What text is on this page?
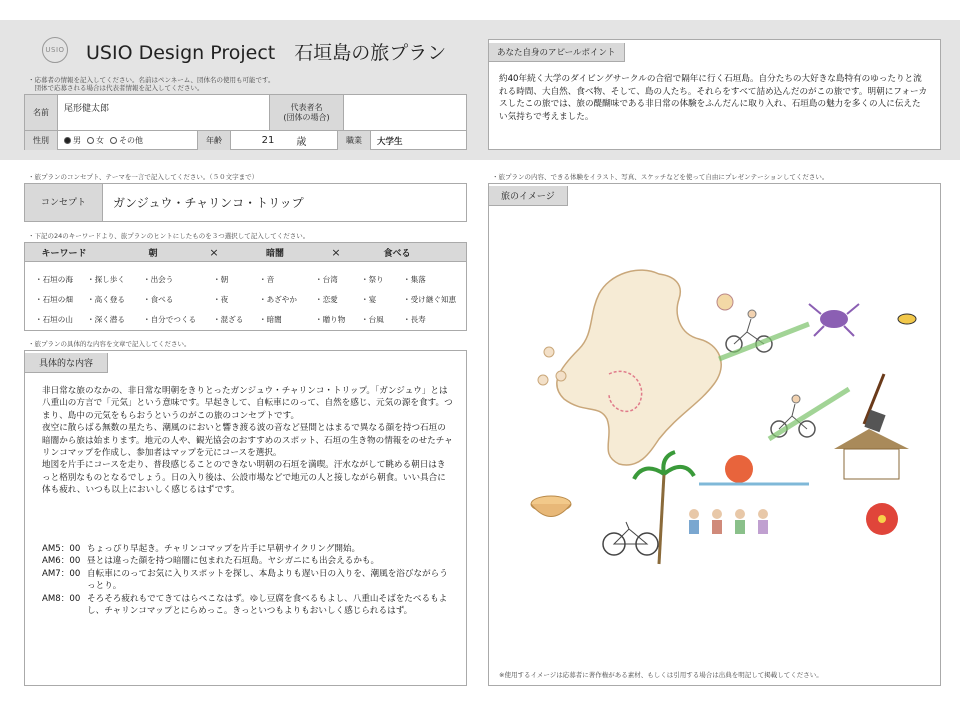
USIO USIO Design Project　石垣島の旅プラン
・応募者の情報を記入してください。名前はペンネーム、団体名の使用も可能です。
　団体で応募される場合は代表者情報を記入してください。
名前	尾形健太郎	代表者名
(団体の場合)
性別	男	女	その他	年齢	21 歳	職業	大学生
あなた自身のアピールポイント
約40年続く大学のダイビングサークルの合宿で隔年に行く石垣島。自分たちの大好きな島特有のゆったりと流れる時間、大自然、食べ物、そして、島の人たち。それらをすべて詰め込んだのがこの旅です。明朝にフォーカスしたこの旅では、旅の醍醐味である非日常の体験をふんだんに取り入れ、石垣島の魅力を多くの人に伝えたい気持ちで考えました。
・旅プランのコンセプト、テーマを一言で記入してください。（５０文字まで）
コンセプト	ガンジュウ・チャリンコ・トリップ
・下記の24のキーワードより、旅プランのヒントにしたものを３つ選択して記入してください。
キーワード	朝	×	暗闇	×	食べる
・石垣の海	・探し歩く	・出会う	・朝	・音	・台湾	・祭り	・集落
・石垣の畑	・高く登る	・食べる	・夜	・あざやか	・恋愛	・宴	・受け継ぐ知恵
・石垣の山	・深く潜る	・自分でつくる	・混ざる	・暗闇	・贈り物	・台風	・長寿
・旅プランの具体的な内容を文章で記入してください。
具体的な内容
非日常な旅のなかの、非日常な明朝をきりとったガンジュウ・チャリンコ・トリップ。「ガンジュウ」とは八重山の方言で「元気」という意味です。早起きして、自転車にのって、自然を感じ、元気の源を食す。つまり、島中の元気をもらおうというのがこの旅のコンセプトです。
夜空に散らばる無数の星たち、潮風のにおいと響き渡る波の音など昼間とはまるで異なる顔を持つ石垣の暗闇から旅は始まります。地元の人や、観光協会のおすすめのスポット、石垣の生き物の情報をのせたチャリンコマップを作成し、参加者はマップを元にコースを選択。
地図を片手にコースを走り、普段感じることのできない明朝の石垣を満喫。汗水ながして眺める朝日はきっと格別なものとなるでしょう。日の入り後は、公設市場などで地元の人と接しながら朝食。いい具合に体も疲れ、いつも以上においしく感じるはずです。
AM5：00 ちょっぴり早起き。チャリンコマップを片手に早朝サイクリング開始。
AM6：00 昼とは違った顔を持つ暗闇に包まれた石垣島。ヤシガニにも出会えるかも。
AM7：00 自転車にのってお気に入りスポットを探し、本島よりも遅い日の入りを、潮風を浴びながらうっとり。
AM8：00 そろそろ疲れもでてきてはらぺこなはず。ゆし豆腐を食べるもよし、八重山そばをたべるもよし、チャリンコマップとにらめっこ。きっといつもよりもおいしく感じられるはず。
・旅プランの内容、できる体験をイラスト、写真、スケッチなどを使って自由にプレゼンテーションしてください。
旅のイメージ
※使用するイメージは応募者に著作権がある素材、もしくは引用する場合は出典を明記して掲載してください。
